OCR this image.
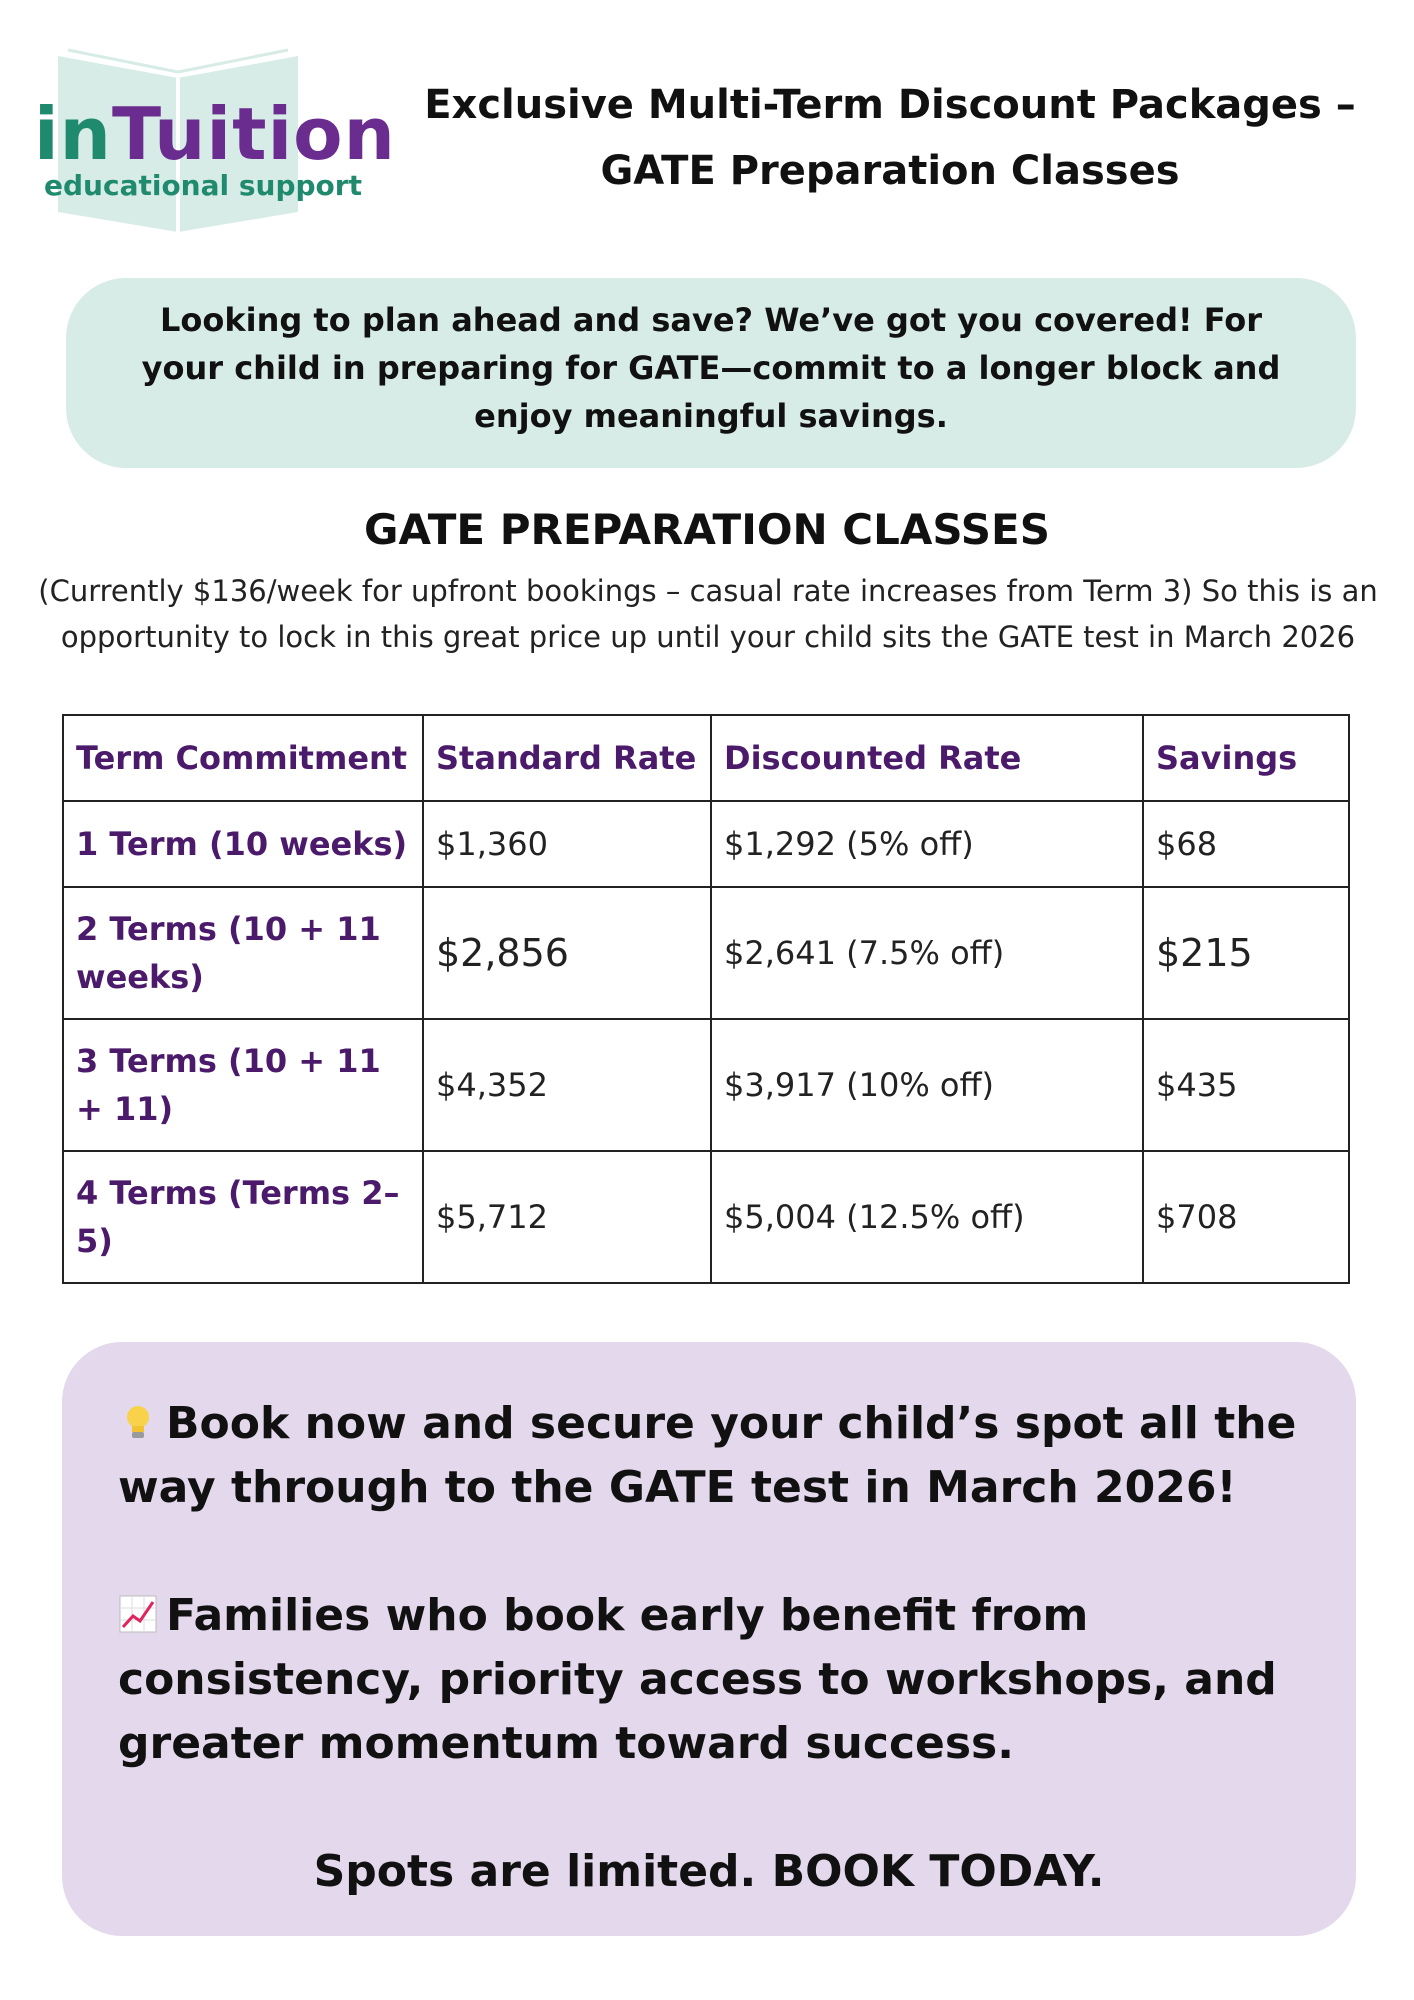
inTuition
educational support
Exclusive Multi-Term Discount Packages –
GATE Preparation Classes

Looking to plan ahead and save? We’ve got you covered! For your child in preparing for GATE—commit to a longer block and enjoy meaningful savings.

GATE PREPARATION CLASSES

(Currently $136/week for upfront bookings – casual rate increases from Term 3) So this is an opportunity to lock in this great price up until your child sits the GATE test in March 2026

Term Commitment	Standard Rate	Discounted Rate	Savings
1 Term (10 weeks)	$1,360	$1,292 (5% off)	$68
2 Terms (10 + 11 weeks)	$2,856	$2,641 (7.5% off)	$215
3 Terms (10 + 11 + 11)	$4,352	$3,917 (10% off)	$435
4 Terms (Terms 2–5)	$5,712	$5,004 (12.5% off)	$708

Book now and secure your child’s spot all the way through to the GATE test in March 2026!

Families who book early benefit from consistency, priority access to workshops, and greater momentum toward success.

Spots are limited. BOOK TODAY.
